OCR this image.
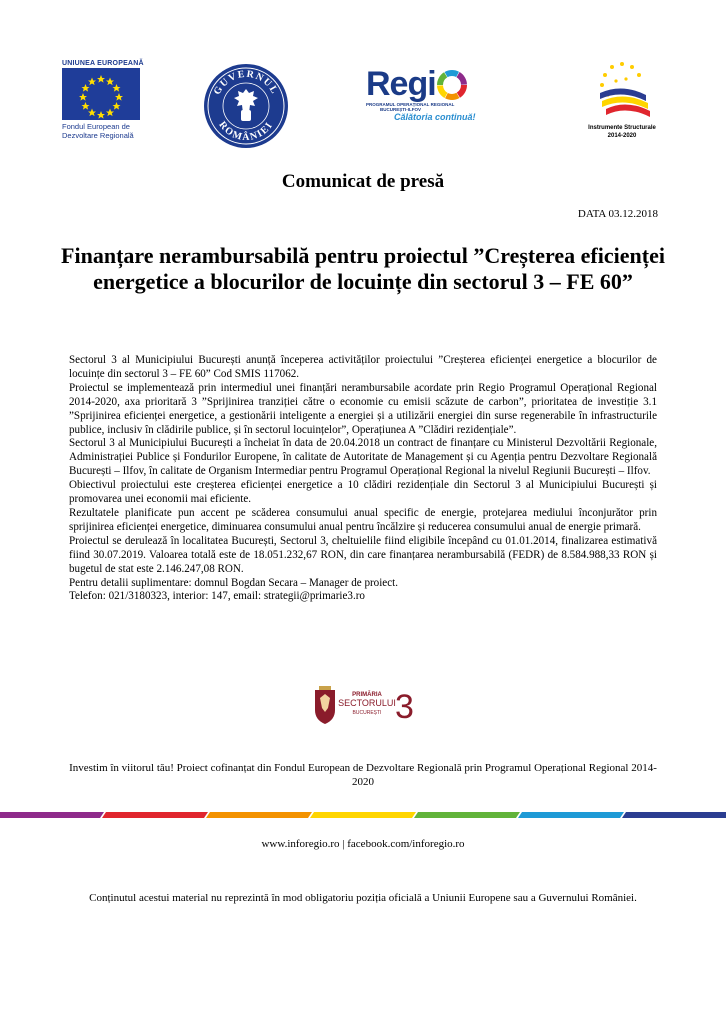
UNIUNEA EUROPEANĂ
Fondul European de
Dezvoltare Regională
GUVERNUL
ROMÂNIEI
Regi
PROGRAMUL OPERAȚIONAL REGIONAL BUCUREȘTI-ILFOV
Călătoria continuă!
Instrumente Structurale
2014-2020
Comunicat de presă
DATA 03.12.2018
Finanțare nerambursabilă pentru proiectul ”Creșterea eficienței energetice a blocurilor de locuințe din sectorul 3 – FE 60”

Sectorul 3 al Municipiului București anunță începerea activităților proiectului ”Creșterea eficienței energetice a blocurilor de locuințe din sectorul 3 – FE 60” Cod SMIS 117062.

Proiectul se implementează prin intermediul unei finanțări nerambursabile acordate prin Regio Programul Operațional Regional 2014-2020, axa prioritară 3 ”Sprijinirea tranziției către o economie cu emisii scăzute de carbon”, prioritatea de investiție 3.1 ”Sprijinirea eficienței energetice, a gestionării inteligente a energiei și a utilizării energiei din surse regenerabile în infrastructurile publice, inclusiv în clădirile publice, și în sectorul locuințelor”, Operațiunea A ”Clădiri rezidențiale”.

Sectorul 3 al Municipiului București a încheiat în data de 20.04.2018 un contract de finanțare cu Ministerul Dezvoltării Regionale, Administrației Publice și Fondurilor Europene, în calitate de Autoritate de Management și cu Agenția pentru Dezvoltare Regională București – Ilfov, în calitate de Organism Intermediar pentru Programul Operațional Regional la nivelul Regiunii București – Ilfov.

Obiectivul proiectului este creșterea eficienței energetice a 10 clădiri rezidențiale din Sectorul 3 al Municipiului București și promovarea unei economii mai eficiente.

Rezultatele planificate pun accent pe scăderea consumului anual specific de energie, protejarea mediului înconjurător prin sprijinirea eficienței energetice, diminuarea consumului anual pentru încălzire și reducerea consumului anual de energie primară.

Proiectul se derulează în localitatea București, Sectorul 3, cheltuielile fiind eligibile începând cu 01.01.2014, finalizarea estimativă fiind 30.07.2019. Valoarea totală este de 18.051.232,67 RON, din care finanțarea nerambursabilă (FEDR) de 8.584.988,33 RON și bugetul de stat este 2.146.247,08 RON.

Pentru detalii suplimentare: domnul Bogdan Secara – Manager de proiect.

Telefon: 021/3180323, interior: 147, email: strategii@primarie3.ro

PRIMĂRIA
SECTORULUI
BUCUREȘTI 3
Investim în viitorul tău! Proiect cofinanțat din Fondul European de Dezvoltare Regională prin Programul Operațional Regional 2014-2020
www.inforegio.ro | facebook.com/inforegio.ro
Conținutul acestui material nu reprezintă în mod obligatoriu poziția oficială a Uniunii Europene sau a Guvernului României.
